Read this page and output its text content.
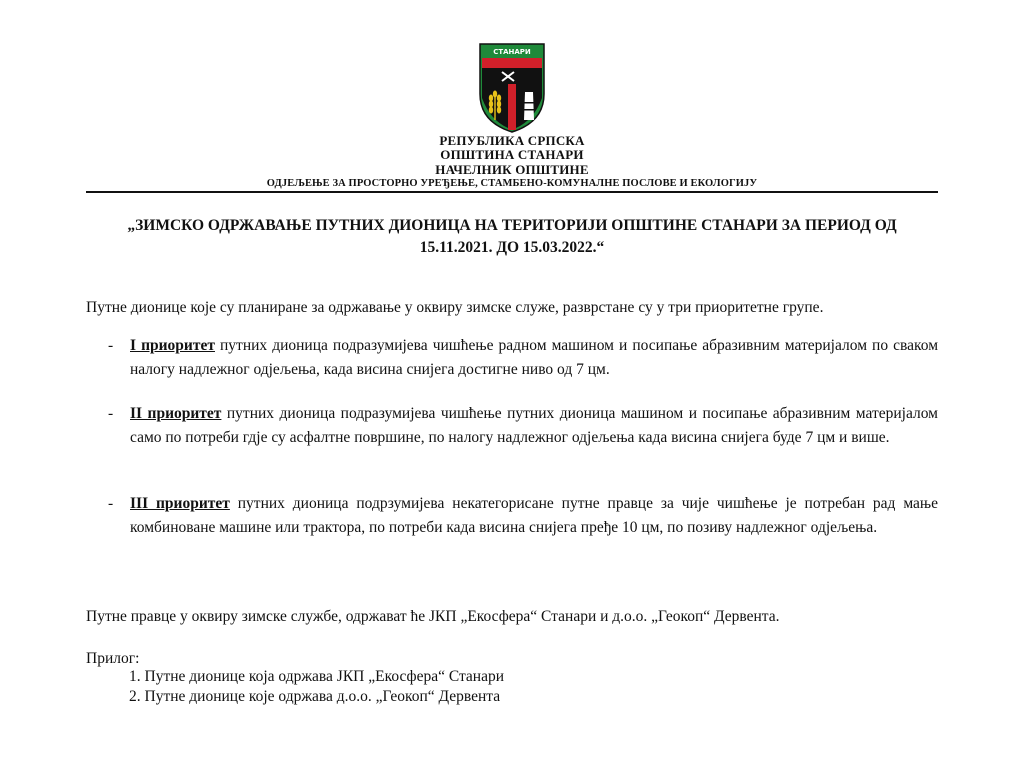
СТАНАРИ
РЕПУБЛИКА СРПСКА
ОПШТИНА СТАНАРИ
НАЧЕЛНИК ОПШТИНЕ
ОДЈЕЉЕЊЕ ЗА ПРОСТОРНО УРЕЂЕЊЕ, СТАМБЕНО-КОМУНАЛНЕ ПОСЛОВЕ И ЕКОЛОГИЈУ
„ЗИМСКО ОДРЖАВАЊЕ ПУТНИХ ДИОНИЦА НА ТЕРИТОРИЈИ ОПШТИНЕ СТАНАРИ ЗА ПЕРИОД ОД
15.11.2021. ДО 15.03.2022.“
Путне дионице које су планиране за одржавање у оквиру зимске служе, разврстане су у три приоритетне групе.
- I приоритет путних дионица подразумијева чишћење радном машином и посипање абразивним материјалом по сваком налогу надлежног одјељења, када висина снијега достигне ниво од 7 цм.
- II приоритет путних дионица подразумијева чишћење путних дионица машином и посипање абразивним материјалом само по потреби гдје су асфалтне површине, по налогу надлежног одјељења када висина снијега буде 7 цм и више.
- III приоритет путних дионица подрзумијева некатегорисане путне правце за чије чишћење је потребан рад мање комбиноване машине или трактора, по потреби када висина снијега пређе 10 цм, по позиву надлежног одјељења.
Путне правце у оквиру зимске службе, одржават ће ЈКП „Екосфера“ Станари и д.о.о. „Геокоп“ Дервента.
Прилог:
1. Путне дионице која одржава ЈКП „Екосфера“ Станари
2. Путне дионице које одржава д.о.о. „Геокоп“ Дервента
